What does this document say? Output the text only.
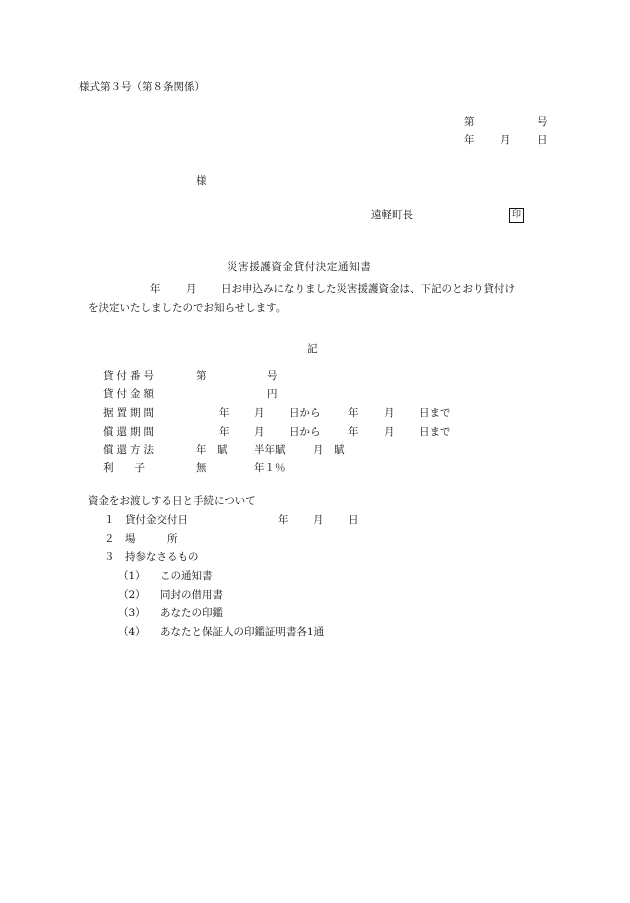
様式第３号（第８条関係）
第	号
年 月	日
様
遠軽町長	印
災害援護資金貸付決定通知書
年 月 日お申込みになりました災害援護資金は、下記のとおり貸付け
を決定いたしましたのでお知らせします。
記
貸付番号	第	号
貸付金額	円
据置期間	年 月 日から	年 月 日まで
償還期間	年 月 日から	年 月 日まで
償還方法	年　賦	半年賦	月　賦
利　　子	無	年１％
資金をお渡しする日と手続について
１ 貸付金交付日	年 月 日
２ 場　　　所
３ 持参なさるもの
（1） この通知書
（2） 同封の借用書
（3） あなたの印鑑
（4） あなたと保証人の印鑑証明書各1通
